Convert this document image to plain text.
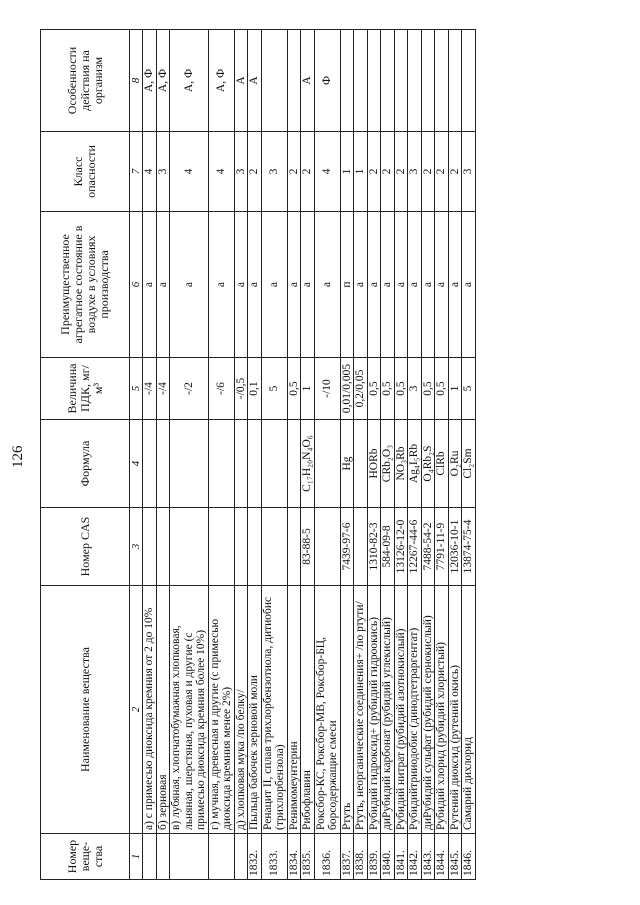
126
Номер веще- ства	Наименование вещества	Номер CAS	Формула	Величина ПДК, мг/м³	Преимущественное агрегатное состояние в воздухе в условиях производства	Класс опасности	Особенности действия на организм
1	2	3	4	5	6	7	8
	а) с примесью диоксида кремния от 2 до 10%			-/4	а	4	А, Ф
	б) зерновая			-/4	а	3	А, Ф
	в) лубяная, хлопчатобумажная хлопковая, льняная, шерстяная, пуховая и другие (с примесью диоксида кремния более 10%)			-/2	а	4	А, Ф
	г) мучная, древесная и другие (с примесью диоксида кремния менее 2%)			-/6	а	4	А, Ф
	д) хлопковая мука /по белку/			-/0,5	а	3	А
1832.	Пыльца бабочек зерновой моли			0,1	а	2	А
1833.	Ренацит II, сплав трихлорбензотиола, дитиобис (трихлорбензола)			5	а	3	
1834.	Ренимомеунтерин			0,5	а	2	
1835.	Рибофлавин	83-88-5	C₁₇H₂₀N₄O₆	1	а	2	А
1836.	Роксбор-КС, Роксбор-МВ, Роксбор-БЦ, борсодержащие смеси			-/10	а	4	Ф
1837.	Ртуть	7439-97-6	Hg	0,01/0,005	п	1	
1838.	Ртуть, неорганические соединения+ /по ртути/			0,2/0,05	а	1	
1839.	Рубидий гидроксид+ (рубидий гидроокись)	1310-82-3	HORb	0,5	а	2	
1840.	диРубидий карбонат (рубидий углекислый)	584-09-8	CRb₂O₃	0,5	а	2	
1841.	Рубидий нитрат (рубидий азотнокислый)	13126-12-0	NO₃Rb	0,5	а	2	
1842.	Рубидийтрииодобис (динодтетраргентат)	12267-44-6	Ag₄I₅Rb	3	а	3	
1843.	диРубидий сульфат (рубидий сернокислый)	7488-54-2	O₄Rb₂S	0,5	а	2	
1844.	Рубидий хлорид (рубидий хлористый)	7791-11-9	ClRb	0,5	а	2	
1845.	Рутений диоксид (рутений окись)	12036-10-1	O₂Ru	1	а	2	
1846.	Самарий дихлорид	13874-75-4	Cl₂Sm	5	а	3	
